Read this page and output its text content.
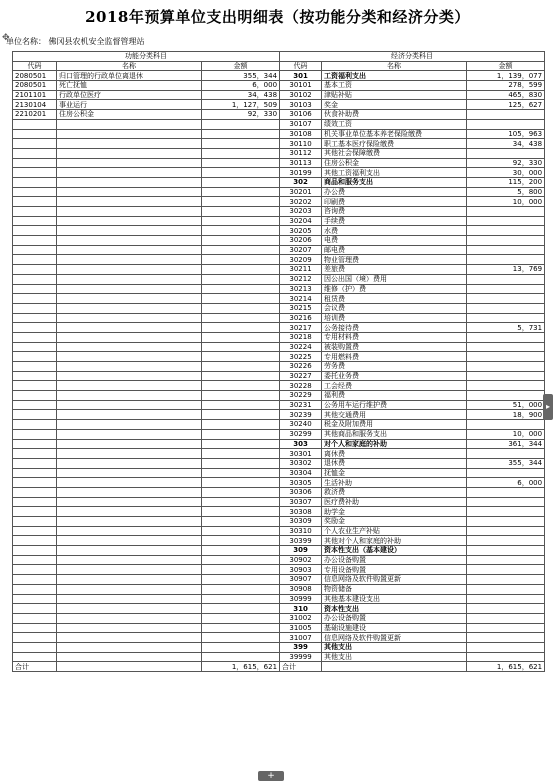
2018年预算单位支出明细表（按功能分类和经济分类）
✥
单位名称： 佛冈县农机安全监督管理站
功能分类科目			经济分类科目		
代码	名称	金额	代码	名称	金额
2080501	归口管理的行政单位离退休	355，344	301	工资福利支出	1，139，077
2080501	死亡抚恤	6，000	30101	基本工资	278，599
2101101	行政单位医疗	34，438	30102	津贴补贴	465，830
2130104	事业运行	1，127，509	30103	奖金	125，627
2210201	住房公积金	92，330	30106	伙食补助费	
			30107	绩效工资	
			30108	机关事业单位基本养老保险缴费	105，963
			30110	职工基本医疗保险缴费	34，438
			30112	其他社会保障缴费	
			30113	住房公积金	92，330
			30199	其他工资福利支出	30，000
			302	商品和服务支出	115，200
			30201	办公费	5，800
			30202	印刷费	10，000
			30203	咨询费	
			30204	手续费	
			30205	水费	
			30206	电费	
			30207	邮电费	
			30209	物业管理费	
			30211	差旅费	13，769
			30212	因公出国（境）费用	
			30213	维修（护）费	
			30214	租赁费	
			30215	会议费	
			30216	培训费	
			30217	公务接待费	5，731
			30218	专用材料费	
			30224	被装购置费	
			30225	专用燃料费	
			30226	劳务费	
			30227	委托业务费	
			30228	工会经费	
			30229	福利费	
			30231	公务用车运行维护费	51，000
			30239	其他交通费用	18，900
			30240	税金及附加费用	
			30299	其他商品和服务支出	10，000
			303	对个人和家庭的补助	361，344
			30301	离休费	
			30302	退休费	355，344
			30304	抚恤金	
			30305	生活补助	6，000
			30306	救济费	
			30307	医疗费补助	
			30308	助学金	
			30309	奖励金	
			30310	个人农业生产补贴	
			30399	其他对个人和家庭的补助	
			309	资本性支出（基本建设）	
			30902	办公设备购置	
			30903	专用设备购置	
			30907	信息网络及软件购置更新	
			30908	物资储备	
			30999	其他基本建设支出	
			310	资本性支出	
			31002	办公设备购置	
			31005	基础设施建设	
			31007	信息网络及软件购置更新	
			399	其他支出	
			39999	其他支出	
合计		1，615，621	合计		1，615，621
▸
+
